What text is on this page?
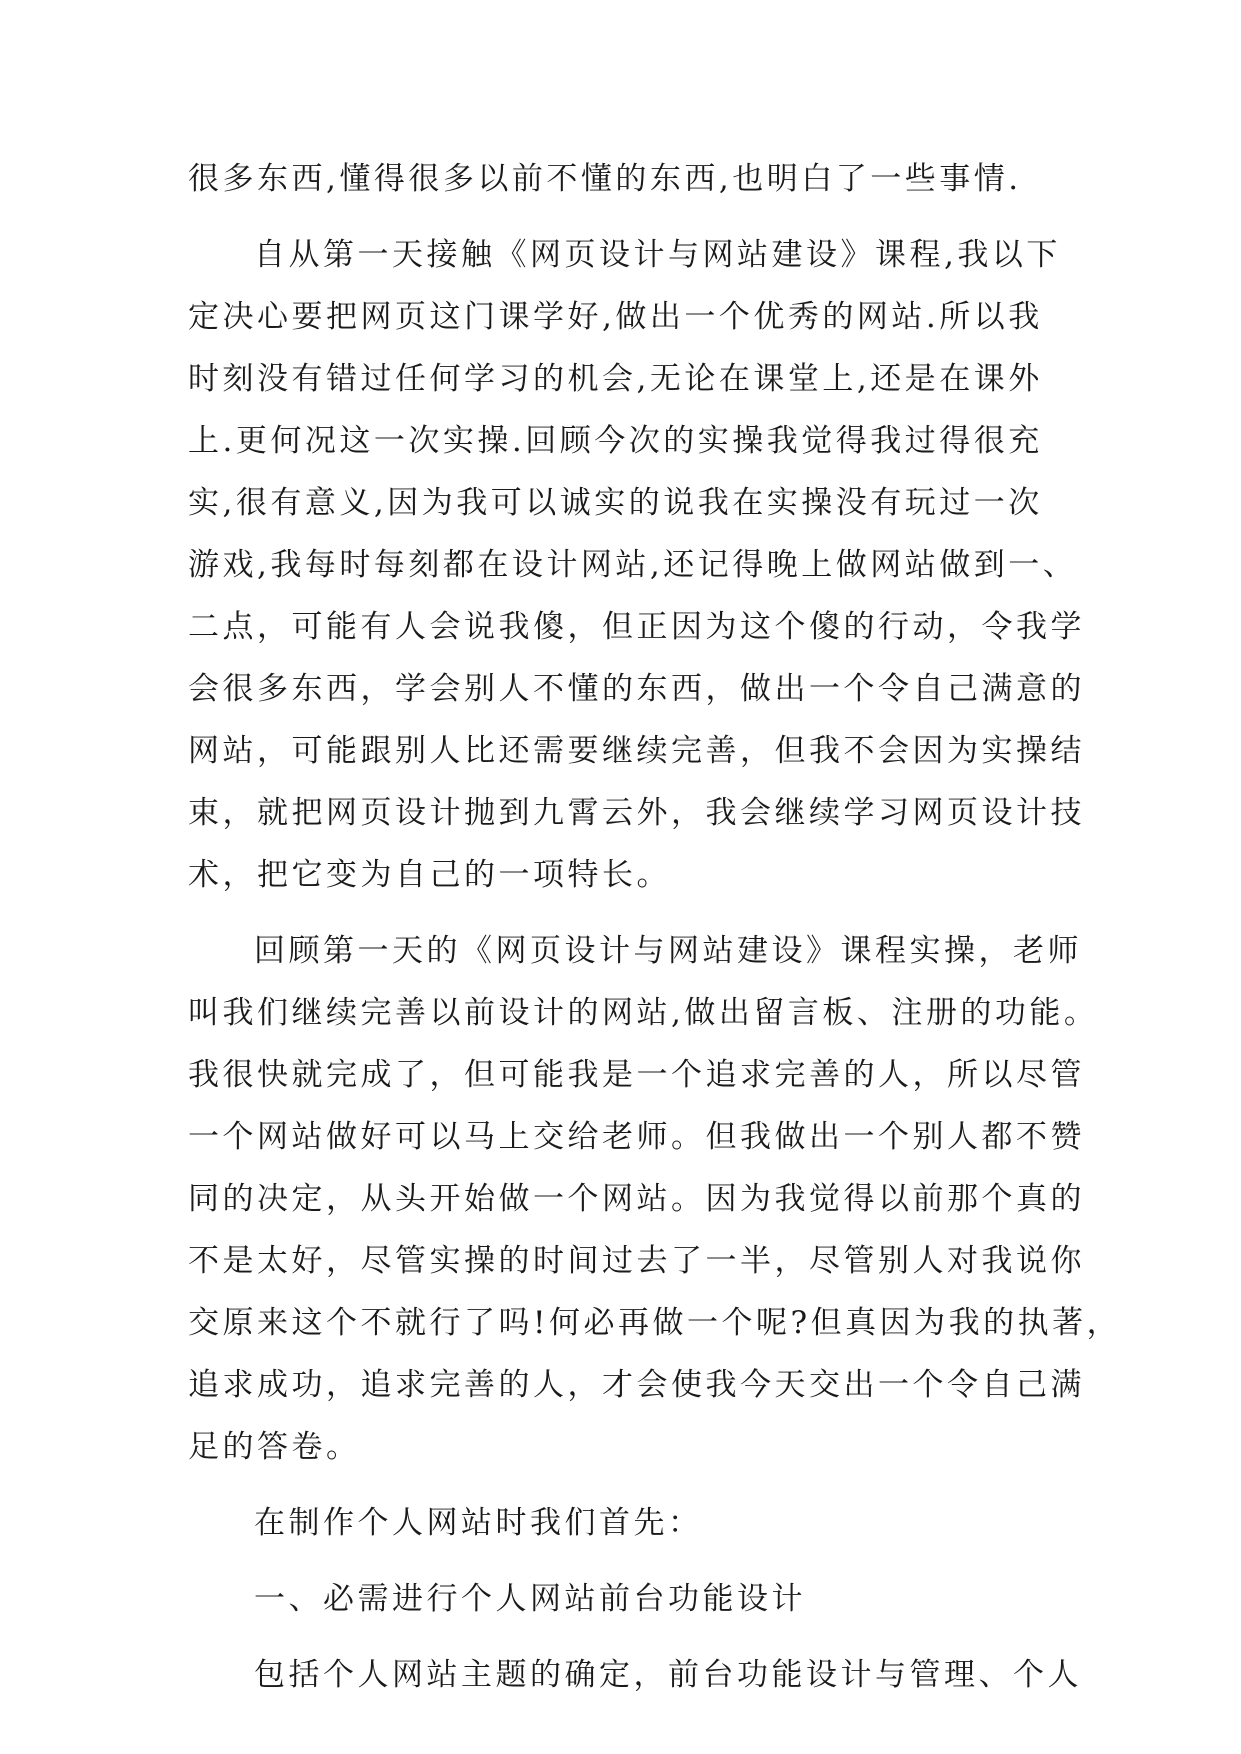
很多东西,懂得很多以前不懂的东西,也明白了一些事情.
自从第一天接触《网页设计与网站建设》课程,我以下
定决心要把网页这门课学好,做出一个优秀的网站.所以我
时刻没有错过任何学习的机会,无论在课堂上,还是在课外
上.更何况这一次实操.回顾今次的实操我觉得我过得很充
实,很有意义,因为我可以诚实的说我在实操没有玩过一次
游戏,我每时每刻都在设计网站,还记得晚上做网站做到一、
二点，可能有人会说我傻，但正因为这个傻的行动，令我学
会很多东西，学会别人不懂的东西，做出一个令自己满意的
网站，可能跟别人比还需要继续完善，但我不会因为实操结
束，就把网页设计抛到九霄云外，我会继续学习网页设计技
术，把它变为自己的一项特长。
回顾第一天的《网页设计与网站建设》课程实操，老师
叫我们继续完善以前设计的网站,做出留言板、注册的功能。
我很快就完成了，但可能我是一个追求完善的人，所以尽管
一个网站做好可以马上交给老师。但我做出一个别人都不赞
同的决定，从头开始做一个网站。因为我觉得以前那个真的
不是太好，尽管实操的时间过去了一半，尽管别人对我说你
交原来这个不就行了吗!何必再做一个呢?但真因为我的执著，
追求成功，追求完善的人，才会使我今天交出一个令自己满
足的答卷。
在制作个人网站时我们首先：
一、必需进行个人网站前台功能设计
包括个人网站主题的确定，前台功能设计与管理、个人
